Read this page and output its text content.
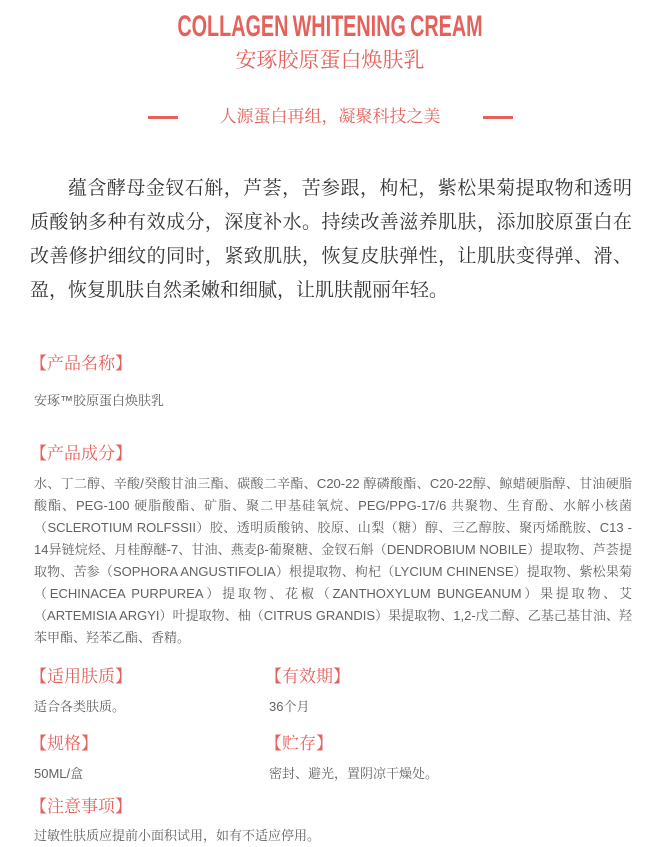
COLLAGEN WHITENING CREAM
安琢胶原蛋白焕肤乳
人源蛋白再组，凝聚科技之美

蕴含酵母金钗石斛，芦荟，苦参跟，枸杞，紫松果菊提取物和透明质酸钠多种有效成分，深度补水。持续改善滋养肌肤，添加胶原蛋白在改善修护细纹的同时，紧致肌肤，恢复皮肤弹性，让肌肤变得弹、滑、盈，恢复肌肤自然柔嫩和细腻，让肌肤靓丽年轻。

【产品名称】

安琢™胶原蛋白焕肤乳

【产品成分】

水、丁二醇、辛酸/癸酸甘油三酯、碳酸二辛酯、C20-22 醇磷酸酯、C20-22醇、鲸蜡硬脂醇、甘油硬脂酸酯、PEG-100 硬脂酸酯、矿脂、聚二甲基硅氧烷、PEG/PPG-17/6 共聚物、生育酚、水解小核菌（SCLEROTIUM ROLFSSII）胶、透明质酸钠、胶原、山梨（糖）醇、三乙醇胺、聚丙烯酰胺、C13 - 14异链烷烃、月桂醇醚-7、甘油、燕麦β-葡聚糖、金钗石斛（DENDROBIUM NOBILE）提取物、芦荟提取物、苦参（SOPHORA ANGUSTIFOLIA）根提取物、枸杞（LYCIUM CHINENSE）提取物、紫松果菊（ECHINACEA PURPUREA）提取物、花椒（ZANTHOXYLUM BUNGEANUM）果提取物、艾（ARTEMISIA ARGYI）叶提取物、柚（CITRUS GRANDIS）果提取物、1,2-戊二醇、乙基己基甘油、羟苯甲酯、羟苯乙酯、香精。

【适用肤质】

适合各类肤质。

【有效期】

36个月

【规格】

50ML/盒

【贮存】

密封、避光，置阴凉干燥处。

【注意事项】

过敏性肤质应提前小面积试用，如有不适应停用。
